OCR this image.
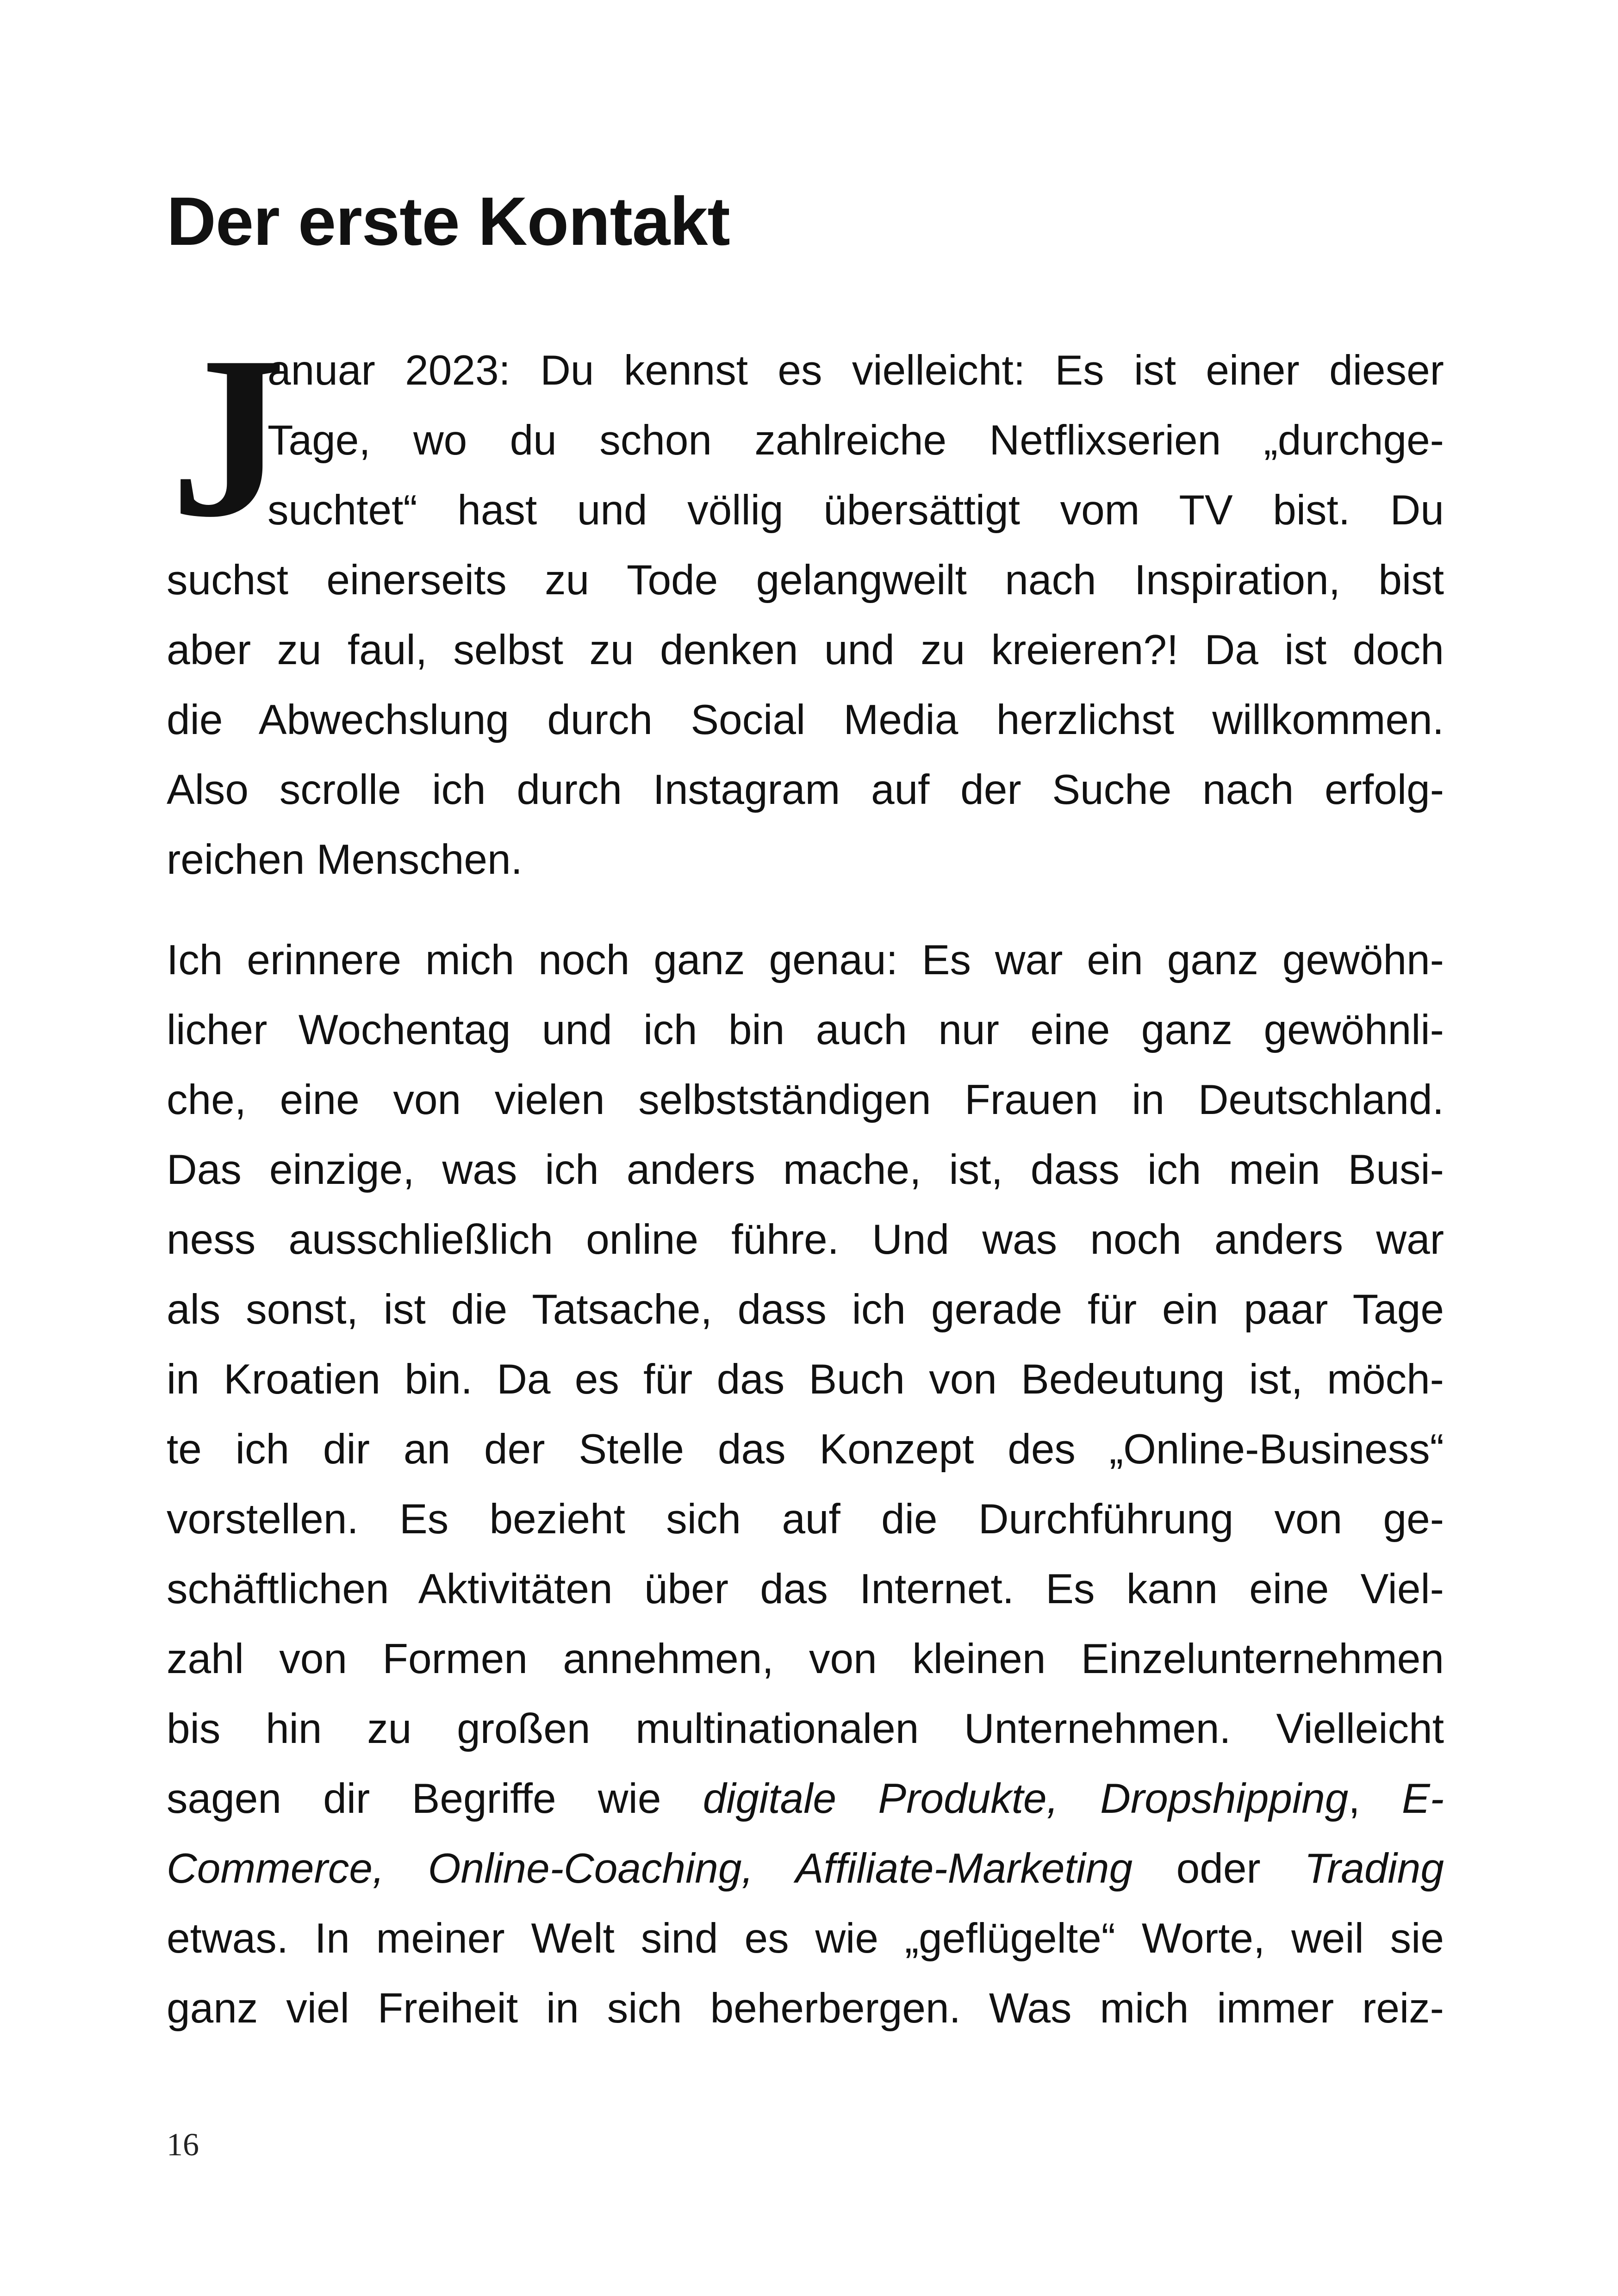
Der erste Kontakt

J
anuar 2023: Du kennst es vielleicht: Es ist einer dieser
Tage, wo du schon zahlreiche Netflixserien „durchge-
suchtet“ hast und völlig übersättigt vom TV bist. Du
suchst einerseits zu Tode gelangweilt nach Inspiration, bist
aber zu faul, selbst zu denken und zu kreieren?! Da ist doch
die Abwechslung durch Social Media herzlichst willkommen.
Also scrolle ich durch Instagram auf der Suche nach erfolg-
reichen Menschen.

Ich erinnere mich noch ganz genau: Es war ein ganz gewöhn-
licher Wochentag und ich bin auch nur eine ganz gewöhnli-
che, eine von vielen selbstständigen Frauen in Deutschland.
Das einzige, was ich anders mache, ist, dass ich mein Busi-
ness ausschließlich online führe. Und was noch anders war
als sonst, ist die Tatsache, dass ich gerade für ein paar Tage
in Kroatien bin. Da es für das Buch von Bedeutung ist, möch-
te ich dir an der Stelle das Konzept des „Online-Business“
vorstellen. Es bezieht sich auf die Durchführung von ge-
schäftlichen Aktivitäten über das Internet. Es kann eine Viel-
zahl von Formen annehmen, von kleinen Einzelunternehmen
bis hin zu großen multinationalen Unternehmen. Vielleicht
sagen dir Begriffe wie digitale Produkte, Dropshipping, E-
Commerce, Online-Coaching, Affiliate-Marketing oder Trading
etwas. In meiner Welt sind es wie „geflügelte“ Worte, weil sie
ganz viel Freiheit in sich beherbergen. Was mich immer reiz-

16
